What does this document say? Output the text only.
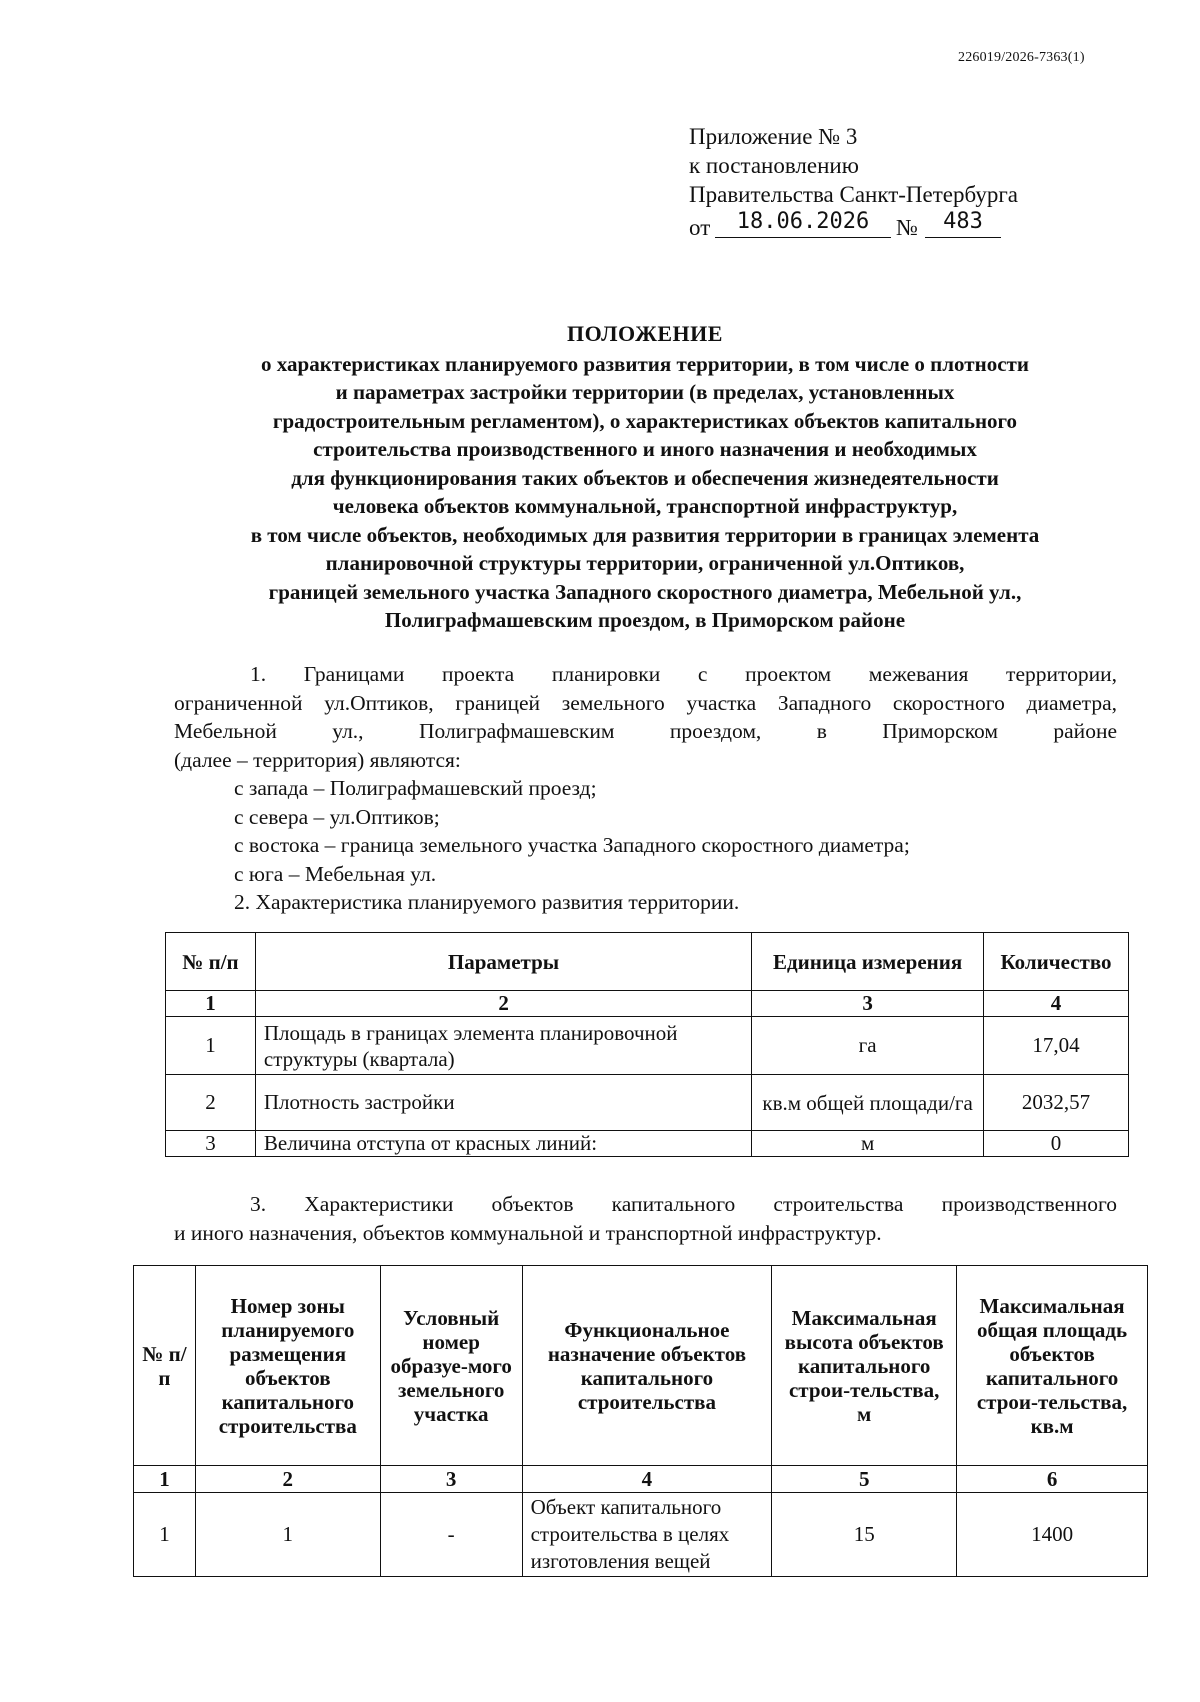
226019/2026-7363(1)
Приложение № 3
к постановлению
Правительства Санкт-Петербурга
от	18.06.2026	№	483
ПОЛОЖЕНИЕ
о характеристиках планируемого развития территории, в том числе о плотности
и параметрах застройки территории (в пределах, установленных
градостроительным регламентом), о характеристиках объектов капитального
строительства производственного и иного назначения и необходимых
для функционирования таких объектов и обеспечения жизнедеятельности
человека объектов коммунальной, транспортной инфраструктур,
в том числе объектов, необходимых для развития территории в границах элемента
планировочной структуры территории, ограниченной ул.Оптиков,
границей земельного участка Западного скоростного диаметра, Мебельной ул.,
Полиграфмашевским проездом, в Приморском районе
1. Границами проекта планировки с проектом межевания территории,
ограниченной ул.Оптиков, границей земельного участка Западного скоростного диаметра,
Мебельной ул., Полиграфмашевским проездом, в Приморском районе
(далее – территория) являются:
с запада – Полиграфмашевский проезд;
с севера – ул.Оптиков;
с востока – граница земельного участка Западного скоростного диаметра;
с юга – Мебельная ул.
2. Характеристика планируемого развития территории.
№ п/п	Параметры	Единица измерения	Количество
1	2	3	4
1	Площадь в границах элемента планировочной структуры (квартала)	га	17,04
2	Плотность застройки	кв.м общей площади/га	2032,57
3	Величина отступа от красных линий:	м	0
3. Характеристики объектов капитального строительства производственного
и иного назначения, объектов коммунальной и транспортной инфраструктур.
№ п/п	Номер зоны планируемого размещения объектов капитального строительства	Условный номер образуе-мого земельного участка	Функциональное назначение объектов капитального строительства	Максимальная высота объектов капитального строи-тельства, м	Максимальная общая площадь объектов капитального строи-тельства, кв.м
1	2	3	4	5	6
1	1	-	Объект капитального строительства в целях изготовления вещей	15	1400
